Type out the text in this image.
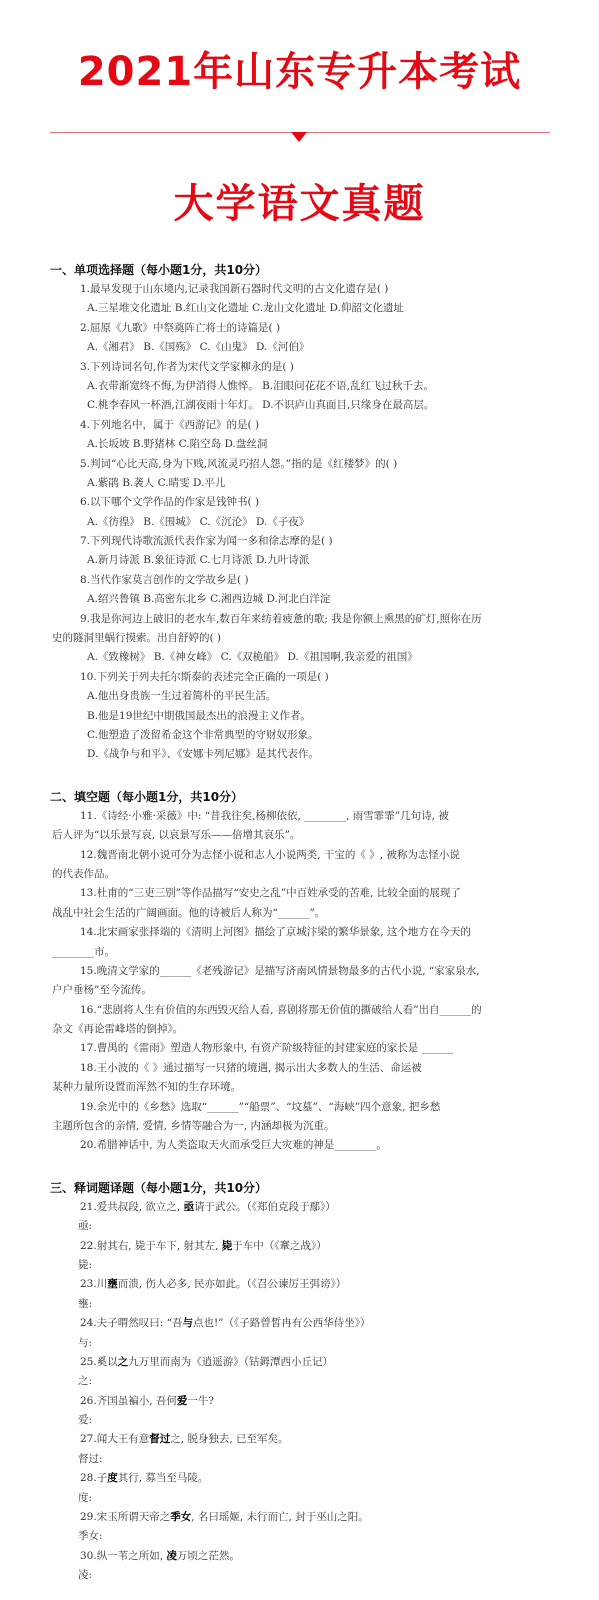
2021年山东专升本考试
大学语文真题
一、单项选择题（每小题1分，共10分）
1.最早发现于山东境内,记录我国新石器时代文明的古文化遗存是( )
A.三星堆文化遗址 B.红山文化遗址 C.龙山文化遗址 D.仰韶文化遗址
2.屈原《九歌》中祭奠阵亡将士的诗篇是( )
A.《湘君》 B.《国殇》 C.《山鬼》 D.《河伯》
3.下列诗词名句,作者为宋代文学家柳永的是( )
A.衣带渐宽终不悔,为伊消得人憔悴。 B.泪眼问花花不语,乱红飞过秋千去。
C.桃李春风一杯酒,江湖夜雨十年灯。 D.不识庐山真面目,只缘身在最高层。
4.下列地名中，属于《西游记》的是( )
A.长坂坡 B.野猪林 C.陷空岛 D.盘丝洞
5.判词“心比天高,身为下贱,风流灵巧招人怨。”指的是《红楼梦》的( )
A.紫鹃 B.袭人 C.晴雯 D.平儿
6.以下哪个文学作品的作家是钱钟书( )
A.《彷徨》 B.《围城》 C.《沉沦》 D.《子夜》
7.下列现代诗歌流派代表作家为闻一多和徐志摩的是( )
A.新月诗派 B.象征诗派 C.七月诗派 D.九叶诗派
8.当代作家莫言创作的文学故乡是( )
A.绍兴鲁镇 B.高密东北乡 C.湘西边城 D.河北白洋淀
9.我是你河边上破旧的老水车,数百年来纺着疲惫的歌; 我是你额上熏黑的矿灯,照你在历
史的隧洞里蜗行摸索。出自舒婷的( )
A.《致橡树》 B.《神女峰》 C.《双桅船》 D.《祖国啊,我亲爱的祖国》
10.下列关于列夫托尔斯泰的表述完全正确的一项是( )
A.他出身贵族一生过着简朴的平民生活。
B.他是19世纪中期俄国最杰出的浪漫主义作者。
C.他塑造了泼留希金这个非常典型的守财奴形象。
D.《战争与和平》、《安娜卡列尼娜》是其代表作。
二、填空题（每小题1分，共10分）
11.《诗经·小雅·采薇》中: “昔我往矣,杨柳依依, ________, 雨雪霏霏”几句诗, 被
后人评为“以乐景写哀, 以哀景写乐——倍增其哀乐”。
12.魏晋南北朝小说可分为志怪小说和志人小说两类, 干宝的《 》, 被称为志怪小说
的代表作品。
13.杜甫的“三吏三别”等作品描写“安史之乱”中百姓承受的苦难, 比较全面的展现了
战乱中社会生活的广阔画面。他的诗被后人称为“______”。
14.北宋画家张择端的《清明上河图》描绘了京城汴梁的繁华景象, 这个地方在今天的
________市。
15.晚清文学家的______《老残游记》是描写济南风情景物最多的古代小说, “家家泉水,
户户垂杨”至今流传。
16.“悲剧将人生有价值的东西毁灭给人看, 喜剧将那无价值的撕破给人看”出自______的
杂文《再论雷峰塔的倒掉》。
17.曹禺的《雷雨》塑造人物形象中, 有资产阶级特征的封建家庭的家长是 ______
18.王小波的《 》通过描写一只猪的境遇, 揭示出大多数人的生活、命运被
某种力量所设置而浑然不知的生存环境。
19.余光中的《乡愁》选取“______”“船票”、“坟墓”、“海峡”四个意象, 把乡愁
主题所包含的亲情, 爱情, 乡情等融合为一, 内涵却极为沉重。
20.希腊神话中, 为人类盗取天火而承受巨大灾难的神是________。
三、释词题译题（每小题1分，共10分）
21.爱共叔段, 欲立之, 亟请于武公。（《郑伯克段于鄢》）
亟:
22.射其右, 毙于车下, 射其左, 毙于车中（《鞌之战》）
毙:
23.川壅而溃, 伤人必多, 民亦如此。（《召公谏厉王弭谤》）
壅:
24.夫子喟然叹曰: “吾与点也!”（《子路曾皙冉有公西华侍坐》）
与:
25.奚以之九万里而南为《逍遥游》（钴鉧潭西小丘记）
之:
26.齐国虽褊小, 吾何爱一牛?
爱:
27.闻大王有意督过之, 脱身独去, 已至军矣。
督过:
28.子度其行, 募当至马陵。
度:
29.宋玉所谓天帝之季女, 名曰瑶姬, 未行而亡, 封于巫山之阳。
季女:
30.纵一苇之所如, 凌万顷之茫然。
凌:
